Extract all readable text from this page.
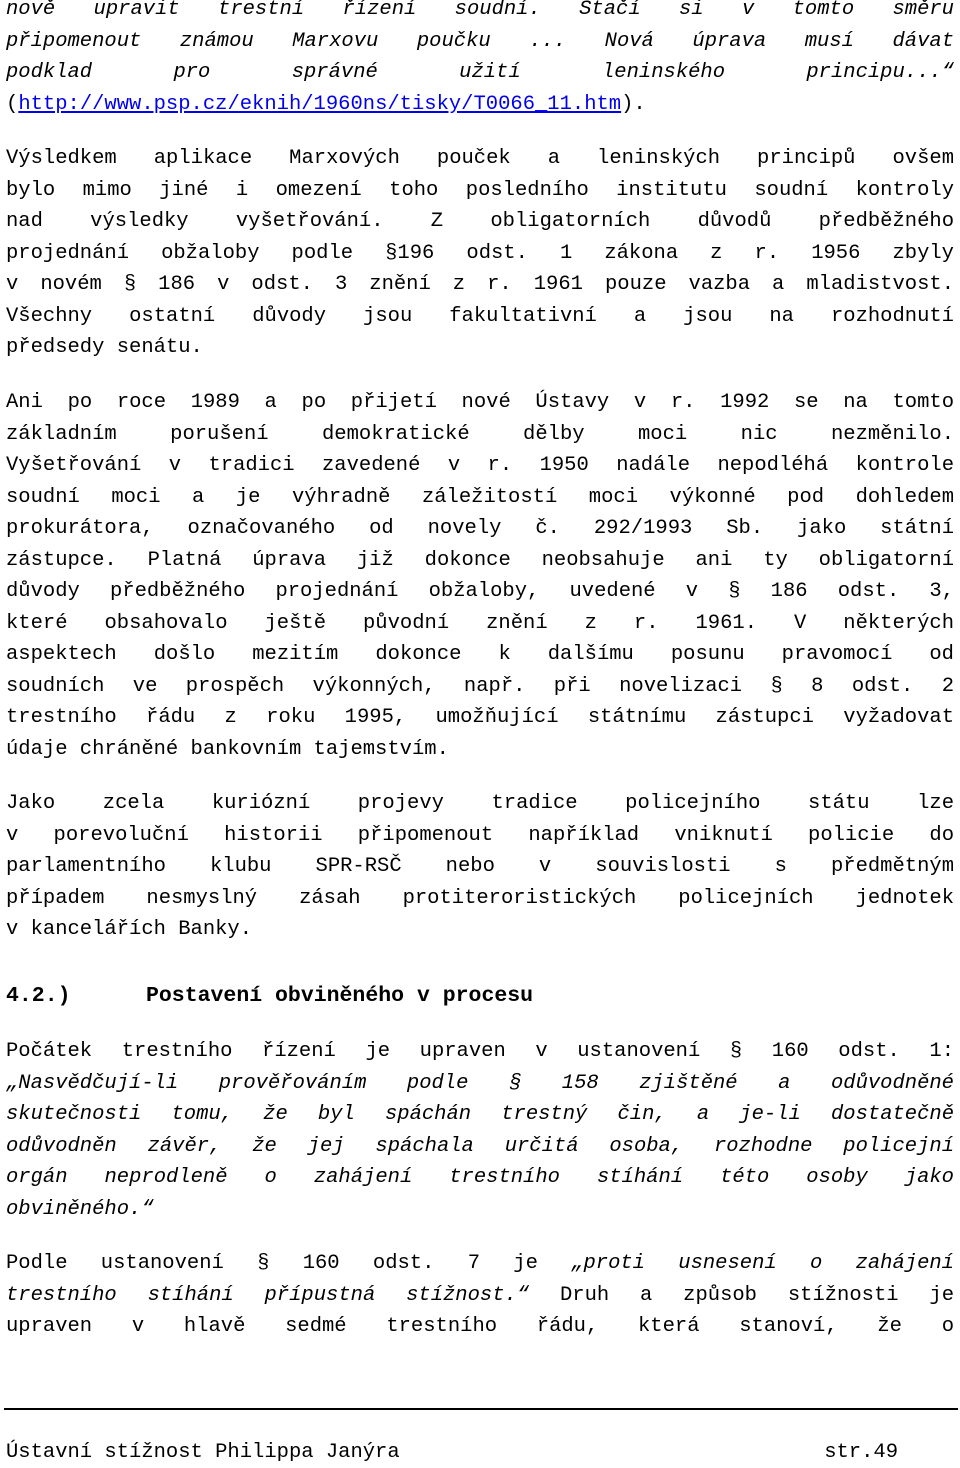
nově upravit trestní řízení soudní. Stačí si v tomto směru
připomenout známou Marxovu poučku ... Nová úprava musí dávat
podklad pro správné užití leninského principu...“
(http://www.psp.cz/eknih/1960ns/tisky/T0066_11.htm).
Výsledkem aplikace Marxových pouček a leninských principů ovšem
bylo mimo jiné i omezení toho posledního institutu soudní kontroly
nad výsledky vyšetřování. Z obligatorních důvodů předběžného
projednání obžaloby podle §196 odst. 1 zákona z r. 1956 zbyly
v novém § 186 v odst. 3 znění z r. 1961 pouze vazba a mladistvost.
Všechny ostatní důvody jsou fakultativní a jsou na rozhodnutí
předsedy senátu.
Ani po roce 1989 a po přijetí nové Ústavy v r. 1992 se na tomto
základním porušení demokratické dělby moci nic nezměnilo.
Vyšetřování v tradici zavedené v r. 1950 nadále nepodléhá kontrole
soudní moci a je výhradně záležitostí moci výkonné pod dohledem
prokurátora, označovaného od novely č. 292/1993 Sb. jako státní
zástupce. Platná úprava již dokonce neobsahuje ani ty obligatorní
důvody předběžného projednání obžaloby, uvedené v § 186 odst. 3,
které obsahovalo ještě původní znění z r. 1961. V některých
aspektech došlo mezitím dokonce k dalšímu posunu pravomocí od
soudních ve prospěch výkonných, např. při novelizaci § 8 odst. 2
trestního řádu z roku 1995, umožňující státnímu zástupci vyžadovat
údaje chráněné bankovním tajemstvím.
Jako zcela kuriózní projevy tradice policejního státu lze
v porevoluční historii připomenout například vniknutí policie do
parlamentního klubu SPR-RSČ nebo v souvislosti s předmětným
případem nesmyslný zásah protiteroristických policejních jednotek
v kancelářích Banky.
4.2.)	Postavení obviněného v procesu
Počátek trestního řízení je upraven v ustanovení § 160 odst. 1:
„Nasvědčují-li prověřováním podle § 158 zjištěné a odůvodněné
skutečnosti tomu, že byl spáchán trestný čin, a je-li dostatečně
odůvodněn závěr, že jej spáchala určitá osoba, rozhodne policejní
orgán neprodleně o zahájení trestního stíhání této osoby jako
obviněného.“
Podle ustanovení § 160 odst. 7 je „proti usnesení o zahájení
trestního stíhání přípustná stížnost.“ Druh a způsob stížnosti je
upraven v hlavě sedmé trestního řádu, která stanoví, že o
Ústavní stížnost Philippa Janýra	str.49
